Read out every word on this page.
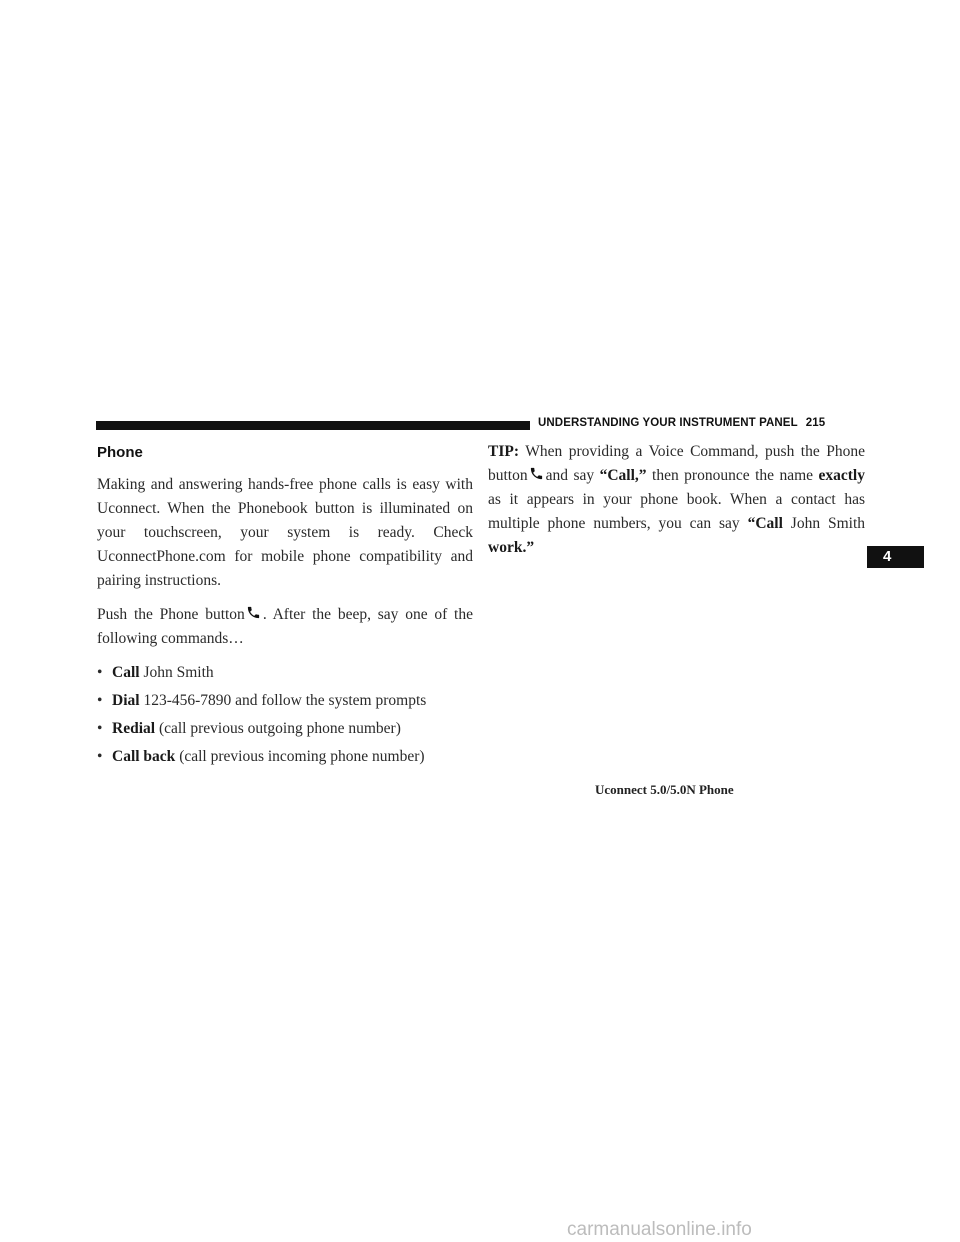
UNDERSTANDING YOUR INSTRUMENT PANEL 215
Phone

Making and answering hands-free phone calls is easy with Uconnect. When the Phonebook button is illuminated on your touchscreen, your system is ready. Check UconnectPhone.com for mobile phone compatibility and pairing instructions.

Push the Phone button . After the beep, say one of the following commands…

• Call John Smith
• Dial 123-456-7890 and follow the system prompts
• Redial (call previous outgoing phone number)
• Call back (call previous incoming phone number)

TIP: When providing a Voice Command, push the Phone button and say “Call,” then pronounce the name exactly as it appears in your phone book. When a contact has multiple phone numbers, you can say “Call John Smith work.”

Uconnect 5.0/5.0N Phone
4
carmanualsonline.info
